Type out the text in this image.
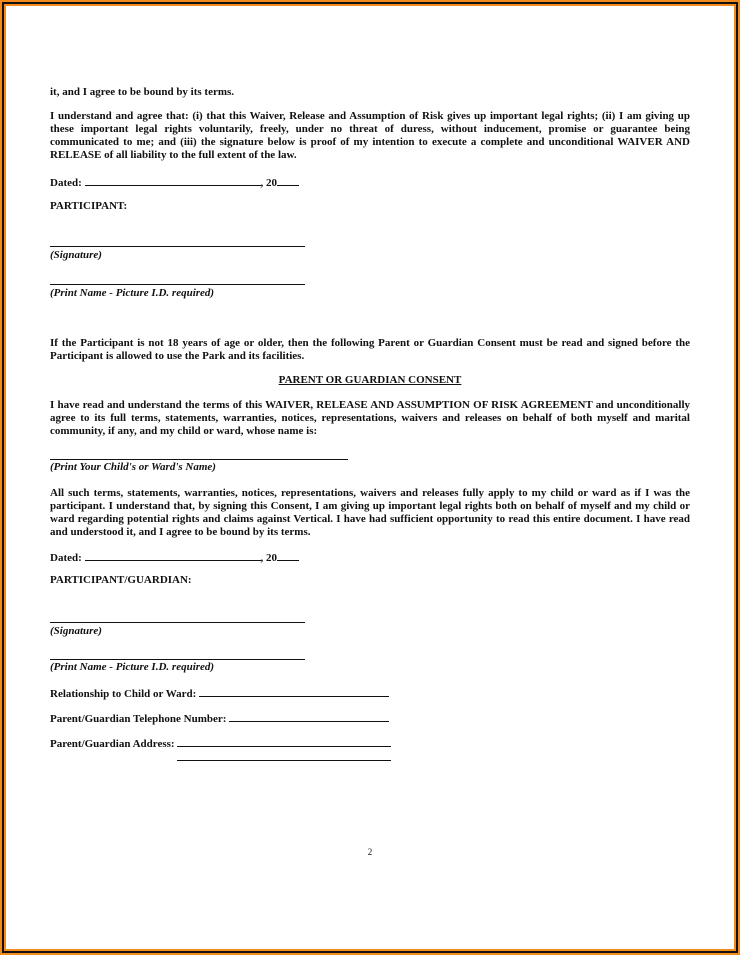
it, and I agree to be bound by its terms.
I understand and agree that: (i) that this Waiver, Release and Assumption of Risk gives up important legal rights; (ii) I am giving up these important legal rights voluntarily, freely, under no threat of duress, without inducement, promise or guarantee being communicated to me; and (iii) the signature below is proof of my intention to execute a complete and unconditional WAIVER AND RELEASE of all liability to the full extent of the law.
Dated:	, 20
PARTICIPANT:
(Signature)
(Print Name - Picture I.D. required)
If the Participant is not 18 years of age or older, then the following Parent or Guardian Consent must be read and signed before the Participant is allowed to use the Park and its facilities.
PARENT OR GUARDIAN CONSENT
I have read and understand the terms of this WAIVER, RELEASE AND ASSUMPTION OF RISK AGREEMENT and unconditionally agree to its full terms, statements, warranties, notices, representations, waivers and releases on behalf of both myself and marital community, if any, and my child or ward, whose name is:
(Print Your Child's or Ward's Name)
All such terms, statements, warranties, notices, representations, waivers and releases fully apply to my child or ward as if I was the participant. I understand that, by signing this Consent, I am giving up important legal rights both on behalf of myself and my child or ward regarding potential rights and claims against Vertical. I have had sufficient opportunity to read this entire document. I have read and understood it, and I agree to be bound by its terms.
Dated:	, 20
PARTICIPANT/GUARDIAN:
(Signature)
(Print Name - Picture I.D. required)
Relationship to Child or Ward:
Parent/Guardian Telephone Number:
Parent/Guardian Address:
2
